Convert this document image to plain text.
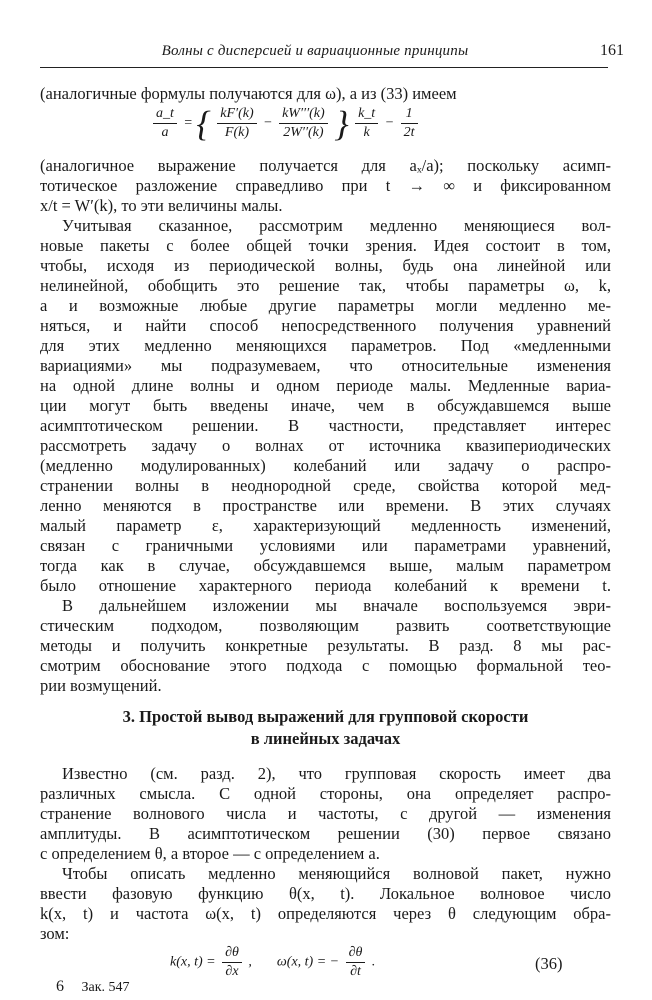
Волны с дисперсией и вариационные принципы	161
(аналогичные формулы получаются для ω), а из (33) имеем
$\frac{a\_t}{a}$ = { $\frac{kF'(k)}{F(k)} - \frac{kW'''(k)}{2W''(k)}$ } $\frac{k\_t}{k} - \frac{1}{2t}$
(аналогичное выражение получается для aₓ/a); поскольку асимп-
тотическое разложение справедливо при t → ∞ и фиксированном
x/t = W′(k), то эти величины малы.
Учитывая сказанное, рассмотрим медленно меняющиеся вол-
новые пакеты с более общей точки зрения. Идея состоит в том,
чтобы, исходя из периодической волны, будь она линейной или
нелинейной, обобщить это решение так, чтобы параметры ω, k,
a и возможные любые другие параметры могли медленно ме-
няться, и найти способ непосредственного получения уравнений
для этих медленно меняющихся параметров. Под «медленными
вариациями» мы подразумеваем, что относительные изменения
на одной длине волны и одном периоде малы. Медленные вариа-
ции могут быть введены иначе, чем в обсуждавшемся выше
асимптотическом решении. В частности, представляет интерес
рассмотреть задачу о волнах от источника квазипериодических
(медленно модулированных) колебаний или задачу о распро-
странении волны в неоднородной среде, свойства которой мед-
ленно меняются в пространстве или времени. В этих случаях
малый параметр ε, характеризующий медленность изменений,
связан с граничными условиями или параметрами уравнений,
тогда как в случае, обсуждавшемся выше, малым параметром
было отношение характерного периода колебаний к времени t.
В дальнейшем изложении мы вначале воспользуемся эври-
стическим подходом, позволяющим развить соответствующие
методы и получить конкретные результаты. В разд. 8 мы рас-
смотрим обоснование этого подхода с помощью формальной тео-
рии возмущений.
3. Простой вывод выражений для групповой скорости
в линейных задачах
Известно (см. разд. 2), что групповая скорость имеет два
различных смысла. С одной стороны, она определяет распро-
странение волнового числа и частоты, с другой — изменения
амплитуды. В асимптотическом решении (30) первое связано
с определением θ, а второе — с определением a.
Чтобы описать медленно меняющийся волновой пакет, нужно
ввести фазовую функцию θ(x, t). Локальное волновое число
k(x, t) и частота ω(x, t) определяются через θ следующим обра-
зом:
k(x, $t) = \frac{\partial\theta}{\partial x}$ , ω(x, t) = − $\frac{\partial\theta}{\partial t}$ .	(36)
6 Зак. 547
